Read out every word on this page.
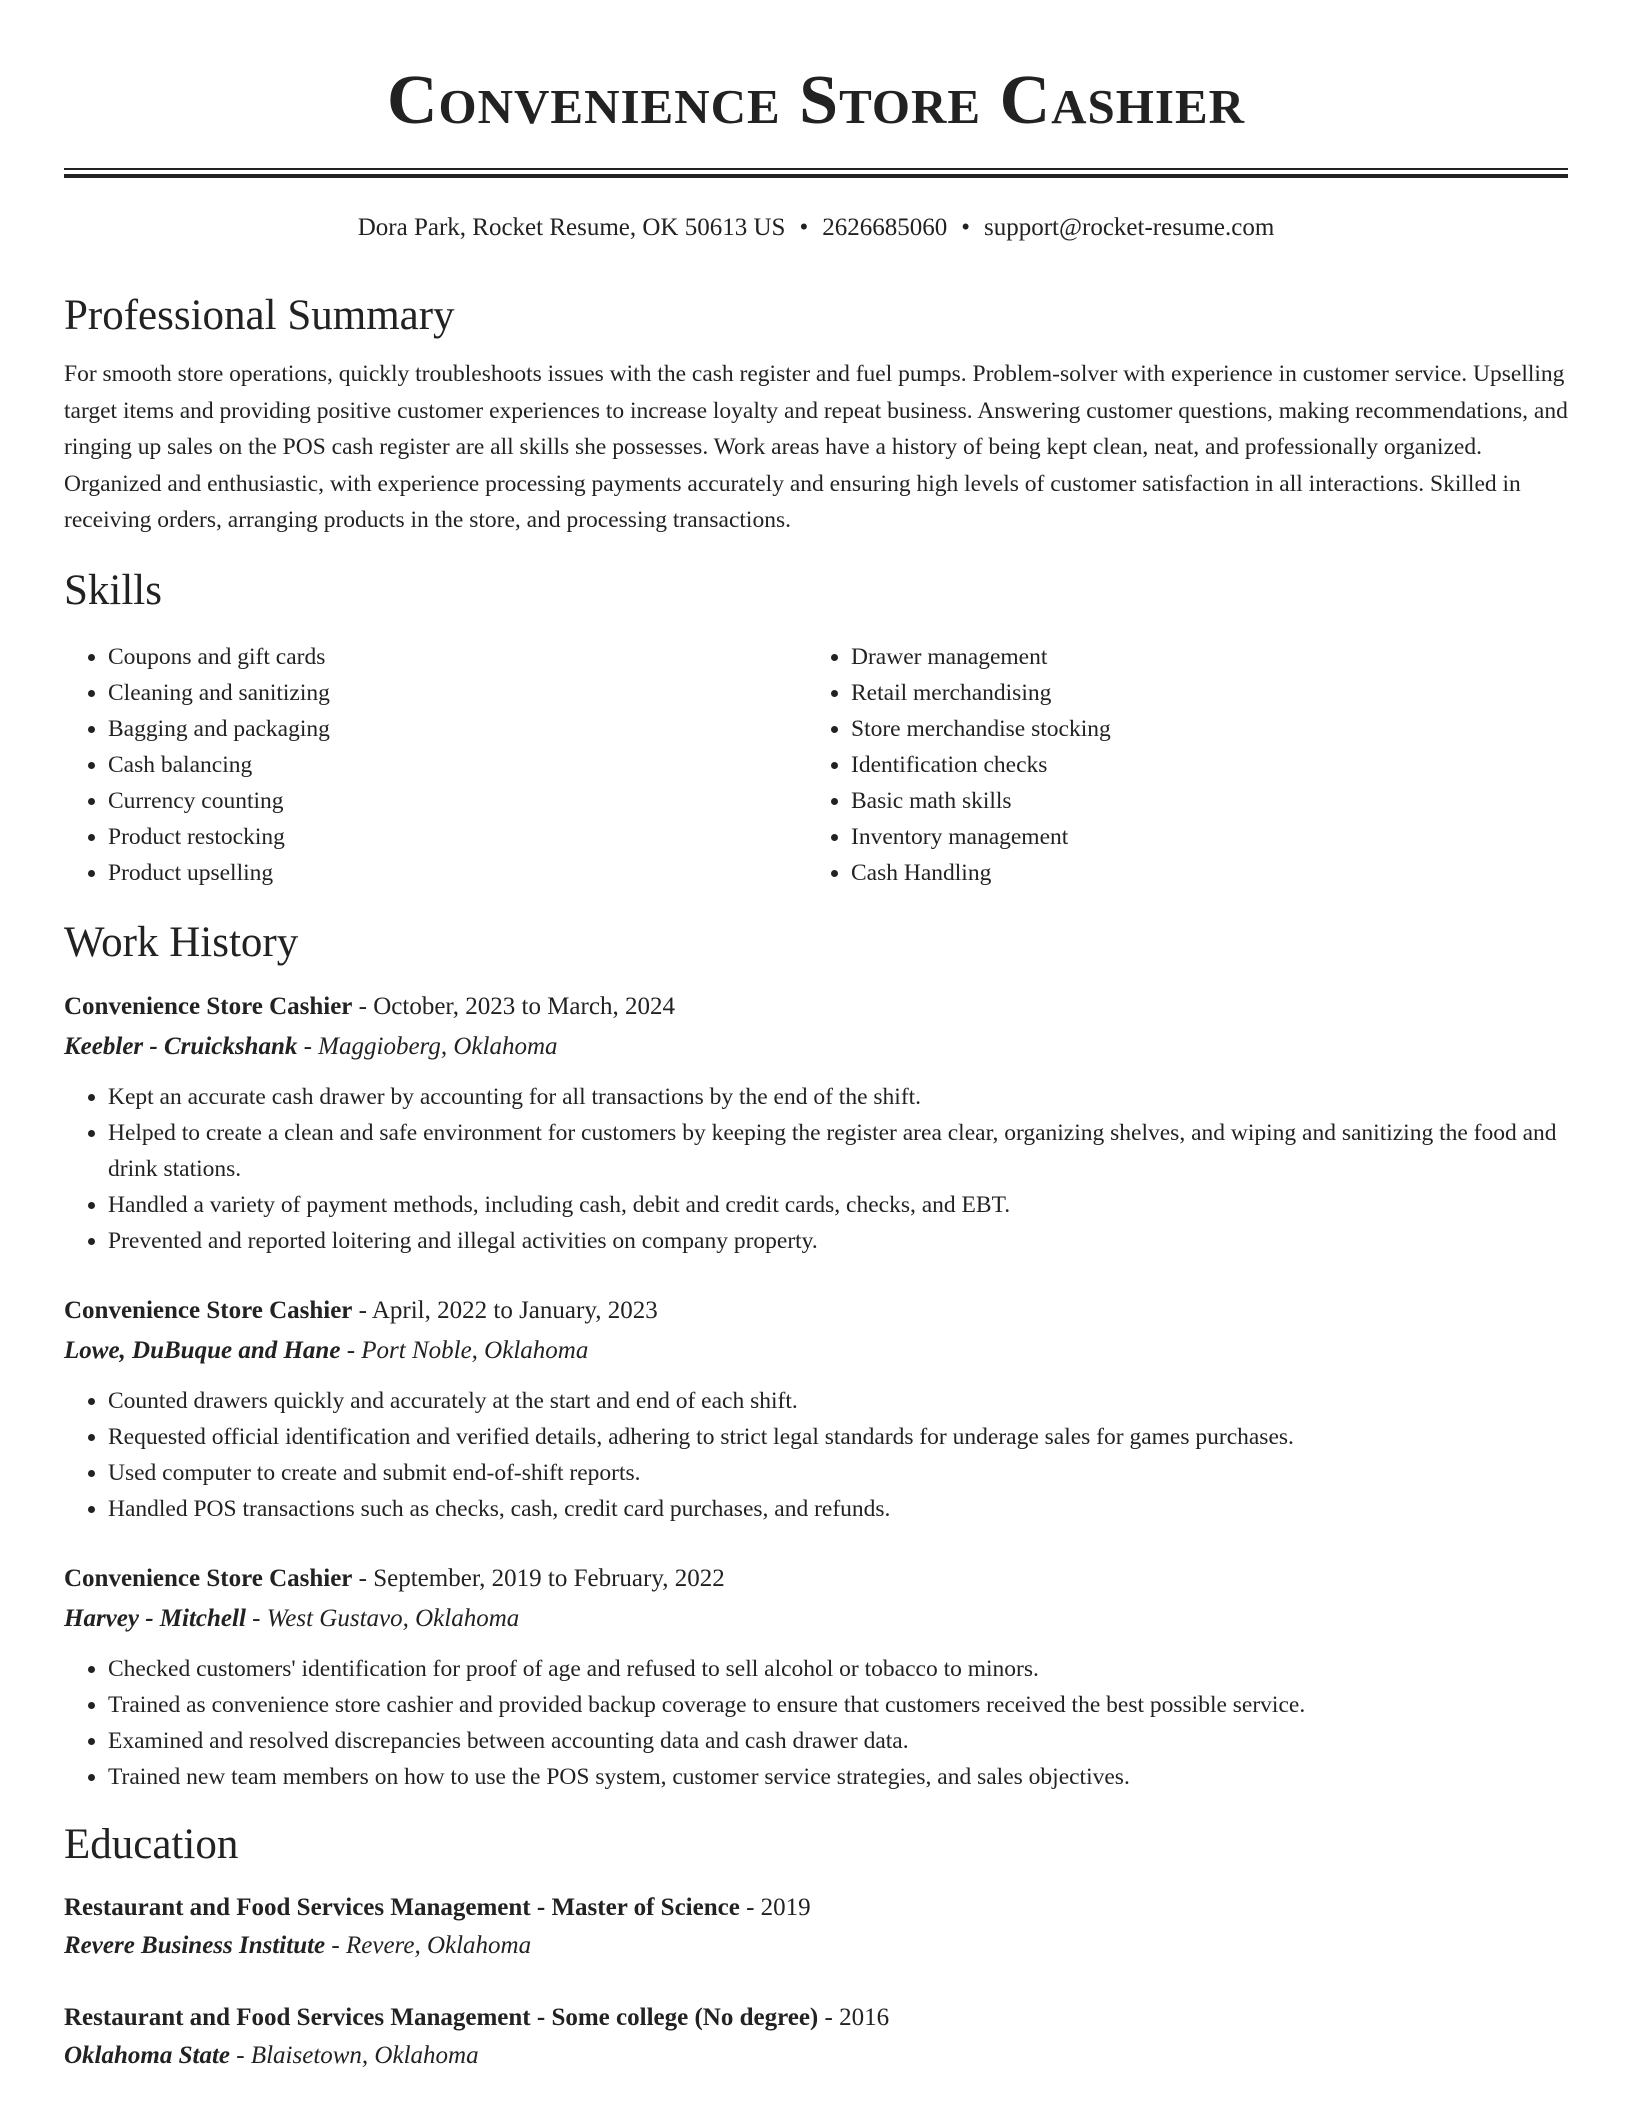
Convenience Store Cashier
Dora Park, Rocket Resume, OK 50613 US • 2626685060 • support@rocket-resume.com
Professional Summary
For smooth store operations, quickly troubleshoots issues with the cash register and fuel pumps. Problem-solver with experience in customer service. Upselling target items and providing positive customer experiences to increase loyalty and repeat business. Answering customer questions, making recommendations, and ringing up sales on the POS cash register are all skills she possesses. Work areas have a history of being kept clean, neat, and professionally organized. Organized and enthusiastic, with experience processing payments accurately and ensuring high levels of customer satisfaction in all interactions. Skilled in receiving orders, arranging products in the store, and processing transactions.
Skills
• Coupons and gift cards
• Cleaning and sanitizing
• Bagging and packaging
• Cash balancing
• Currency counting
• Product restocking
• Product upselling
• Drawer management
• Retail merchandising
• Store merchandise stocking
• Identification checks
• Basic math skills
• Inventory management
• Cash Handling
Work History
Convenience Store Cashier - October, 2023 to March, 2024
Keebler - Cruickshank - Maggioberg, Oklahoma
• Kept an accurate cash drawer by accounting for all transactions by the end of the shift.
• Helped to create a clean and safe environment for customers by keeping the register area clear, organizing shelves, and wiping and sanitizing the food and drink stations.
• Handled a variety of payment methods, including cash, debit and credit cards, checks, and EBT.
• Prevented and reported loitering and illegal activities on company property.
Convenience Store Cashier - April, 2022 to January, 2023
Lowe, DuBuque and Hane - Port Noble, Oklahoma
• Counted drawers quickly and accurately at the start and end of each shift.
• Requested official identification and verified details, adhering to strict legal standards for underage sales for games purchases.
• Used computer to create and submit end-of-shift reports.
• Handled POS transactions such as checks, cash, credit card purchases, and refunds.
Convenience Store Cashier - September, 2019 to February, 2022
Harvey - Mitchell - West Gustavo, Oklahoma
• Checked customers' identification for proof of age and refused to sell alcohol or tobacco to minors.
• Trained as convenience store cashier and provided backup coverage to ensure that customers received the best possible service.
• Examined and resolved discrepancies between accounting data and cash drawer data.
• Trained new team members on how to use the POS system, customer service strategies, and sales objectives.
Education
Restaurant and Food Services Management - Master of Science - 2019
Revere Business Institute - Revere, Oklahoma
Restaurant and Food Services Management - Some college (No degree) - 2016
Oklahoma State - Blaisetown, Oklahoma
